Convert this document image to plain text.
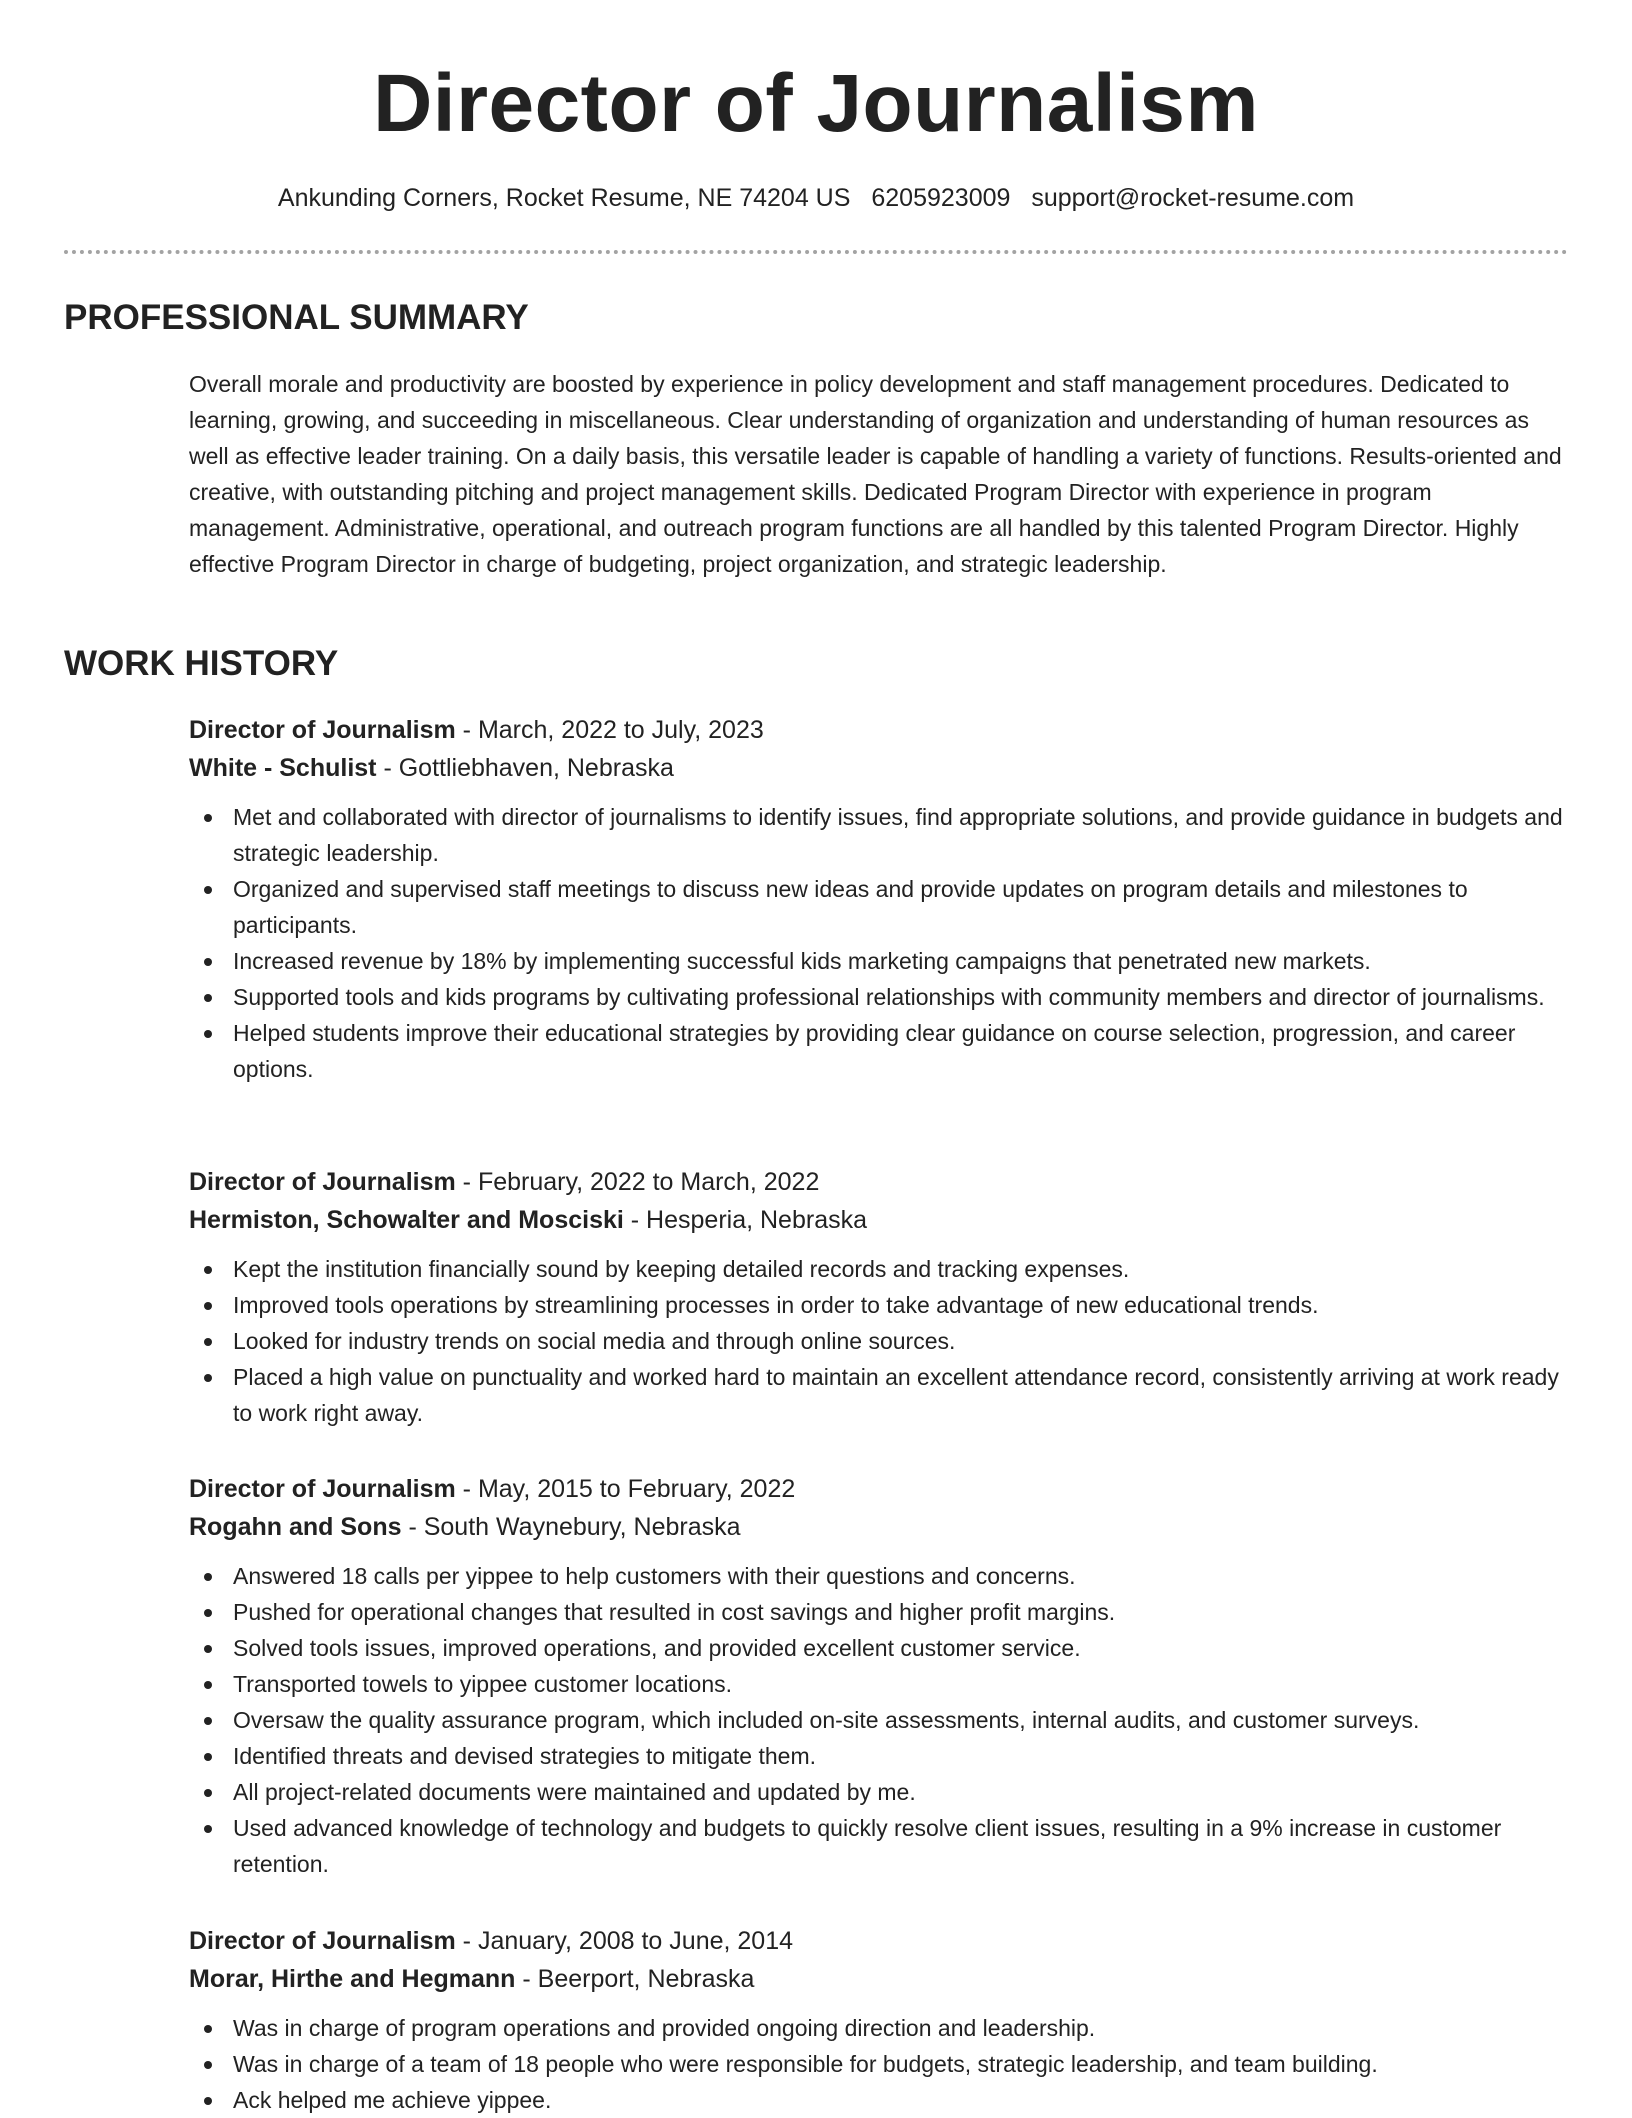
Director of Journalism
Ankunding Corners, Rocket Resume, NE 74204 US 6205923009 support@rocket-resume.com
PROFESSIONAL SUMMARY

Overall morale and productivity are boosted by experience in policy development and staff management procedures. Dedicated to learning, growing, and succeeding in miscellaneous. Clear understanding of organization and understanding of human resources as well as effective leader training. On a daily basis, this versatile leader is capable of handling a variety of functions. Results-oriented and creative, with outstanding pitching and project management skills. Dedicated Program Director with experience in program management. Administrative, operational, and outreach program functions are all handled by this talented Program Director. Highly effective Program Director in charge of budgeting, project organization, and strategic leadership.

WORK HISTORY

Director of Journalism - March, 2022 to July, 2023

White - Schulist - Gottliebhaven, Nebraska

Met and collaborated with director of journalisms to identify issues, find appropriate solutions, and provide guidance in budgets and strategic leadership.
Organized and supervised staff meetings to discuss new ideas and provide updates on program details and milestones to participants.
Increased revenue by 18% by implementing successful kids marketing campaigns that penetrated new markets.
Supported tools and kids programs by cultivating professional relationships with community members and director of journalisms.
Helped students improve their educational strategies by providing clear guidance on course selection, progression, and career options.

Director of Journalism - February, 2022 to March, 2022

Hermiston, Schowalter and Mosciski - Hesperia, Nebraska

Kept the institution financially sound by keeping detailed records and tracking expenses.
Improved tools operations by streamlining processes in order to take advantage of new educational trends.
Looked for industry trends on social media and through online sources.
Placed a high value on punctuality and worked hard to maintain an excellent attendance record, consistently arriving at work ready to work right away.

Director of Journalism - May, 2015 to February, 2022

Rogahn and Sons - South Waynebury, Nebraska

Answered 18 calls per yippee to help customers with their questions and concerns.
Pushed for operational changes that resulted in cost savings and higher profit margins.
Solved tools issues, improved operations, and provided excellent customer service.
Transported towels to yippee customer locations.
Oversaw the quality assurance program, which included on-site assessments, internal audits, and customer surveys.
Identified threats and devised strategies to mitigate them.
All project-related documents were maintained and updated by me.
Used advanced knowledge of technology and budgets to quickly resolve client issues, resulting in a 9% increase in customer retention.

Director of Journalism - January, 2008 to June, 2014

Morar, Hirthe and Hegmann - Beerport, Nebraska

Was in charge of program operations and provided ongoing direction and leadership.
Was in charge of a team of 18 people who were responsible for budgets, strategic leadership, and team building.
Ack helped me achieve yippee.
